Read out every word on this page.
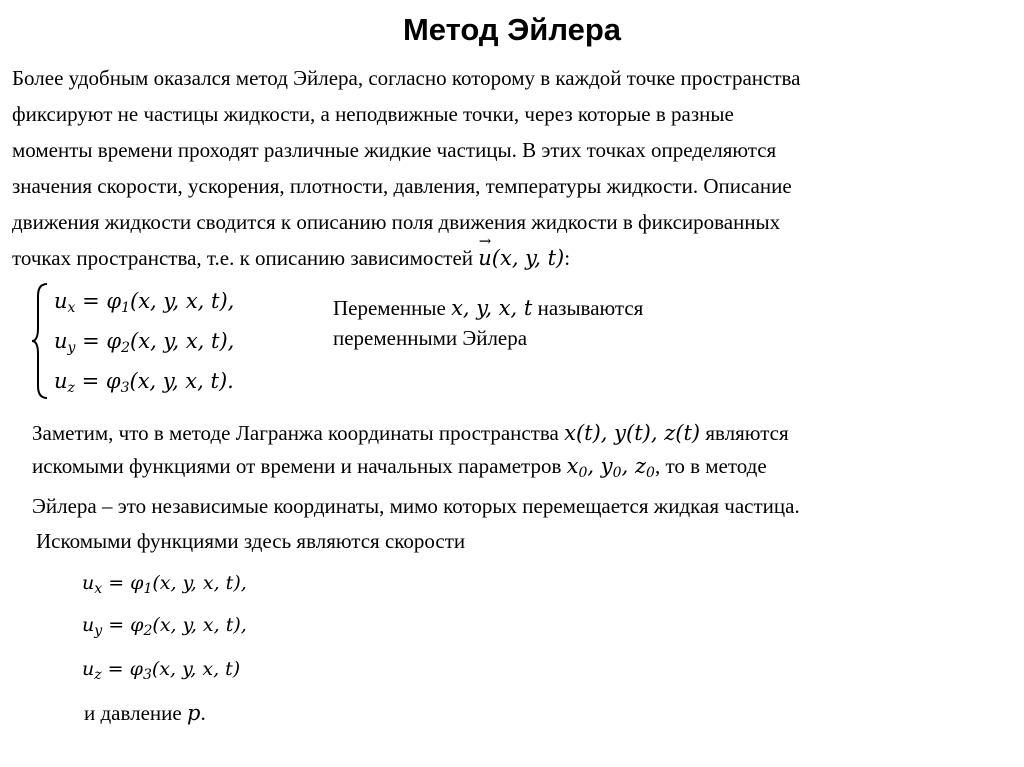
Метод Эйлера
Более удобным оказался метод Эйлера, согласно которому в каждой точке пространства
фиксируют не частицы жидкости, а неподвижные точки, через которые в разные
моменты времени проходят различные жидкие частицы. В этих точках определяются
значения скорости, ускорения, плотности, давления, температуры жидкости. Описание
движения жидкости сводится к описанию поля движения жидкости в фиксированных
точках пространства, т.е. к описанию зависимостей → u(x, y, t):
$u_x = \varphi_1(x$, y, x, t),
$u_y = \varphi_2(x$, y, x, t),
$u_z = \varphi_3(x$, y, x, t).
Переменные x, y, x, t называются
переменными Эйлера
Заметим, что в методе Лагранжа координаты пространства x(t), y(t), z(t) являются
искомыми функциями от времени и начальных параметров $x_0$, $y_0$, $z_0$, то в методе
Эйлера – это независимые координаты, мимо которых перемещается жидкая частица.
Искомыми функциями здесь являются скорости
$u_x = \varphi_1(x$, y, x, t),
$u_y = \varphi_2(x$, y, x, t),
$u_z = \varphi_3(x$, y, x, t)
и давление p.
